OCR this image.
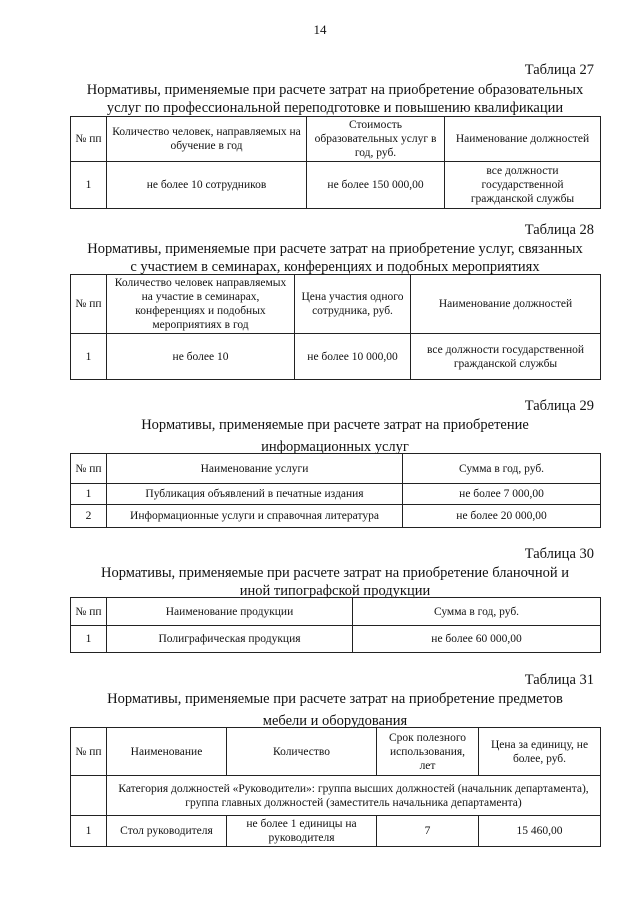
14
Таблица 27
Нормативы, применяемые при расчете затрат на приобретение образовательных
услуг по профессиональной переподготовке и повышению квалификации
№ пп	Количество человек, направляемых на обучение в год	Стоимость образовательных услуг в год, руб.	Наименование должностей
1	не более 10 сотрудников	не более 150 000,00	все должности государственной гражданской службы
Таблица 28
Нормативы, применяемые при расчете затрат на приобретение услуг, связанных
с участием в семинарах, конференциях и подобных мероприятиях
№ пп	Количество человек направляемых на участие в семинарах, конференциях и подобных мероприятиях в год	Цена участия одного сотрудника, руб.	Наименование должностей
1	не более 10	не более 10 000,00	все должности государственной гражданской службы
Таблица 29
Нормативы, применяемые при расчете затрат на приобретение
информационных услуг
№ пп	Наименование услуги	Сумма в год, руб.
1	Публикация объявлений в печатные издания	не более 7 000,00
2	Информационные услуги и справочная литература	не более 20 000,00
Таблица 30
Нормативы, применяемые при расчете затрат на приобретение бланочной и
иной типографской продукции
№ пп	Наименование продукции	Сумма в год, руб.
1	Полиграфическая продукция	не более 60 000,00
Таблица 31
Нормативы, применяемые при расчете затрат на приобретение предметов
мебели и оборудования
№ пп	Наименование	Количество	Срок полезного использования, лет	Цена за единицу, не более, руб.
	Категория должностей «Руководители»: группа высших должностей (начальник департамента), группа главных должностей (заместитель начальника департамента)			
1	Стол руководителя	не более 1 единицы на руководителя	7	15 460,00
